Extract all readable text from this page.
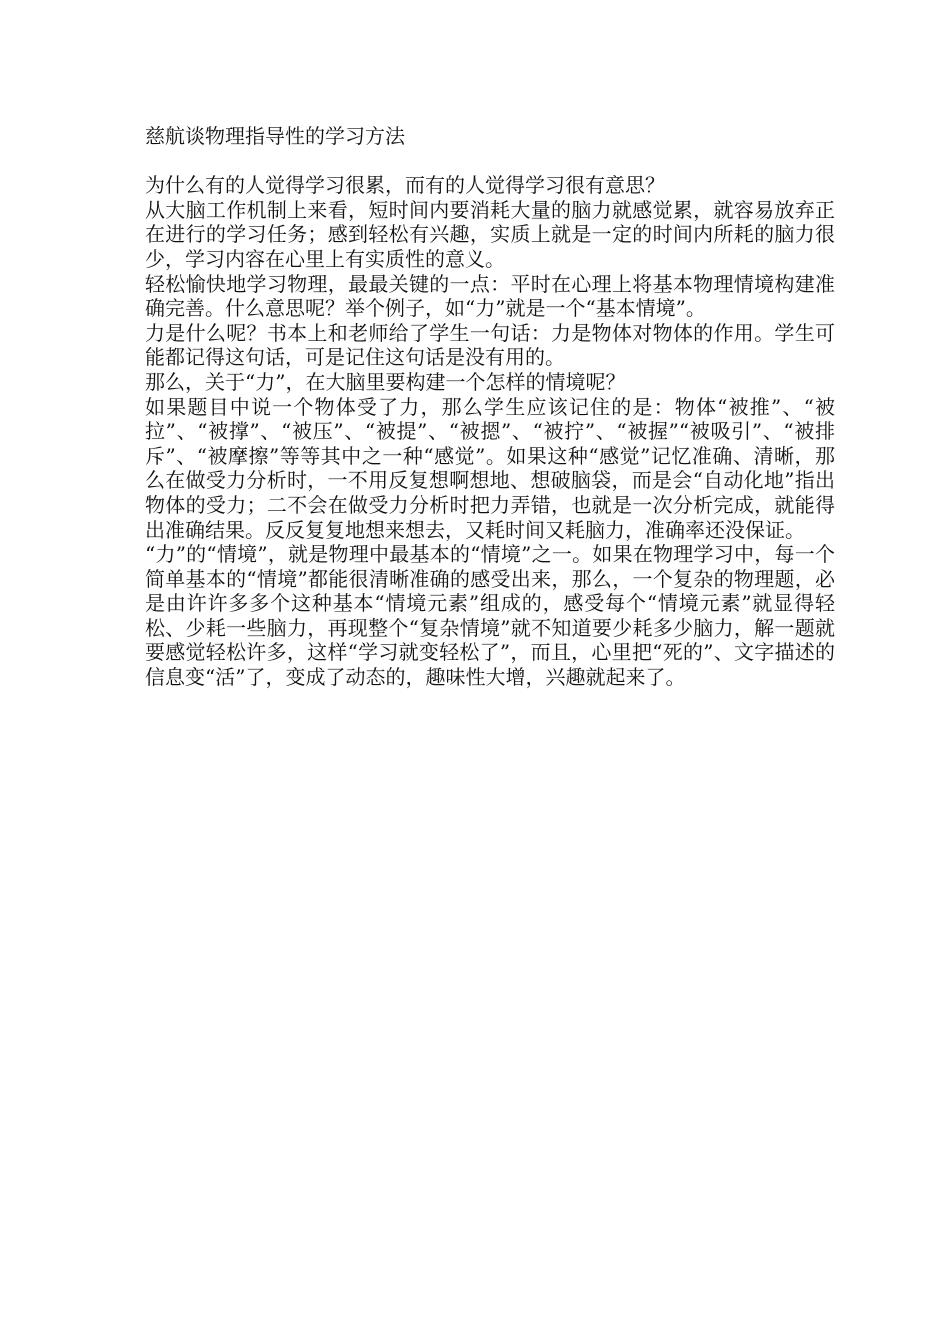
慈航谈物理指导性的学习方法

为什么有的人觉得学习很累，而有的人觉得学习很有意思？

从大脑工作机制上来看，短时间内要消耗大量的脑力就感觉累，就容易放弃正在进行的学习任务；感到轻松有兴趣，实质上就是一定的时间内所耗的脑力很少，学习内容在心里上有实质性的意义。

轻松愉快地学习物理，最最关键的一点：平时在心理上将基本物理情境构建准确完善。什么意思呢？举个例子，如“力”就是一个“基本情境”。

力是什么呢？书本上和老师给了学生一句话：力是物体对物体的作用。学生可能都记得这句话，可是记住这句话是没有用的。

那么，关于“力”，在大脑里要构建一个怎样的情境呢？

如果题目中说一个物体受了力，那么学生应该记住的是：物体“被推”、“被拉”、“被撑”、“被压”、“被提”、“被摁”、“被拧”、“被握”“被吸引”、“被排斥”、“被摩擦”等等其中之一种“感觉”。如果这种“感觉”记忆准确、清晰，那么在做受力分析时，一不用反复想啊想地、想破脑袋，而是会“自动化地”指出物体的受力；二不会在做受力分析时把力弄错，也就是一次分析完成，就能得出准确结果。反反复复地想来想去，又耗时间又耗脑力，准确率还没保证。

“力”的“情境”，就是物理中最基本的“情境”之一。如果在物理学习中，每一个简单基本的“情境”都能很清晰准确的感受出来，那么，一个复杂的物理题，必是由许许多多个这种基本“情境元素”组成的，感受每个“情境元素”就显得轻松、少耗一些脑力，再现整个“复杂情境”就不知道要少耗多少脑力，解一题就要感觉轻松许多，这样“学习就变轻松了”，而且，心里把“死的”、文字描述的信息变“活”了，变成了动态的，趣味性大增，兴趣就起来了。
